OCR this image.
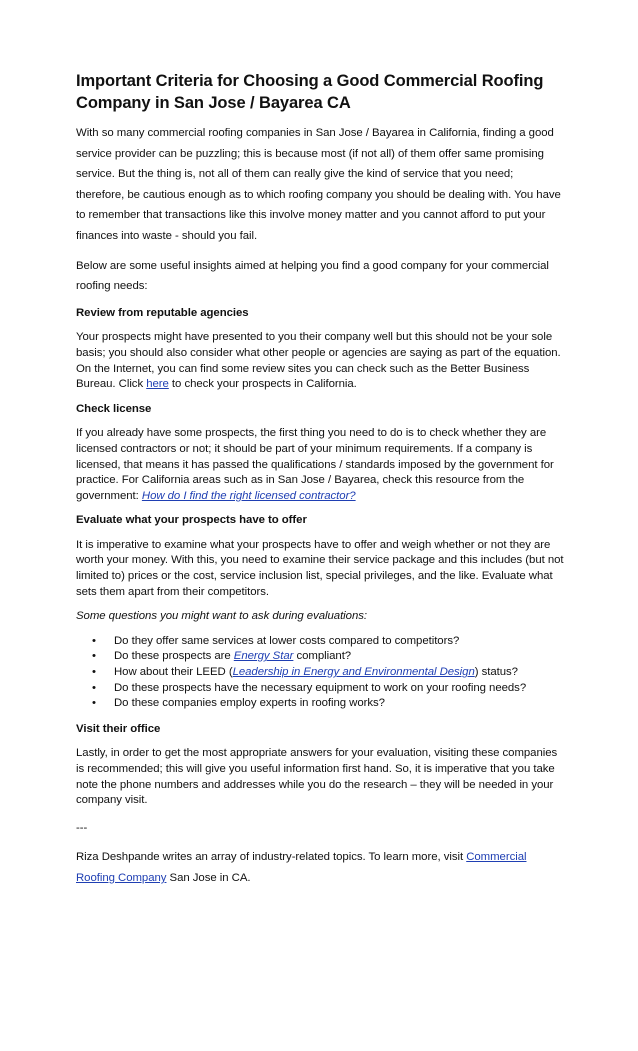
Important Criteria for Choosing a Good Commercial Roofing Company in San Jose / Bayarea CA

With so many commercial roofing companies in San Jose / Bayarea in California, finding a good service provider can be puzzling; this is because most (if not all) of them offer same promising service. But the thing is, not all of them can really give the kind of service that you need; therefore, be cautious enough as to which roofing company you should be dealing with. You have to remember that transactions like this involve money matter and you cannot afford to put your finances into waste - should you fail.

Below are some useful insights aimed at helping you find a good company for your commercial roofing needs:

Review from reputable agencies

Your prospects might have presented to you their company well but this should not be your sole basis; you should also consider what other people or agencies are saying as part of the equation. On the Internet, you can find some review sites you can check such as the Better Business Bureau. Click here to check your prospects in California.

Check license

If you already have some prospects, the first thing you need to do is to check whether they are licensed contractors or not; it should be part of your minimum requirements. If a company is licensed, that means it has passed the qualifications / standards imposed by the government for practice. For California areas such as in San Jose / Bayarea, check this resource from the government: How do I find the right licensed contractor?

Evaluate what your prospects have to offer

It is imperative to examine what your prospects have to offer and weigh whether or not they are worth your money. With this, you need to examine their service package and this includes (but not limited to) prices or the cost, service inclusion list, special privileges, and the like. Evaluate what sets them apart from their competitors.

Some questions you might want to ask during evaluations:

• Do they offer same services at lower costs compared to competitors?
• Do these prospects are Energy Star compliant?
• How about their LEED (Leadership in Energy and Environmental Design) status?
• Do these prospects have the necessary equipment to work on your roofing needs?
• Do these companies employ experts in roofing works?

Visit their office

Lastly, in order to get the most appropriate answers for your evaluation, visiting these companies is recommended; this will give you useful information first hand. So, it is imperative that you take note the phone numbers and addresses while you do the research – they will be needed in your company visit.

---

Riza Deshpande writes an array of industry-related topics. To learn more, visit Commercial Roofing Company San Jose in CA.
